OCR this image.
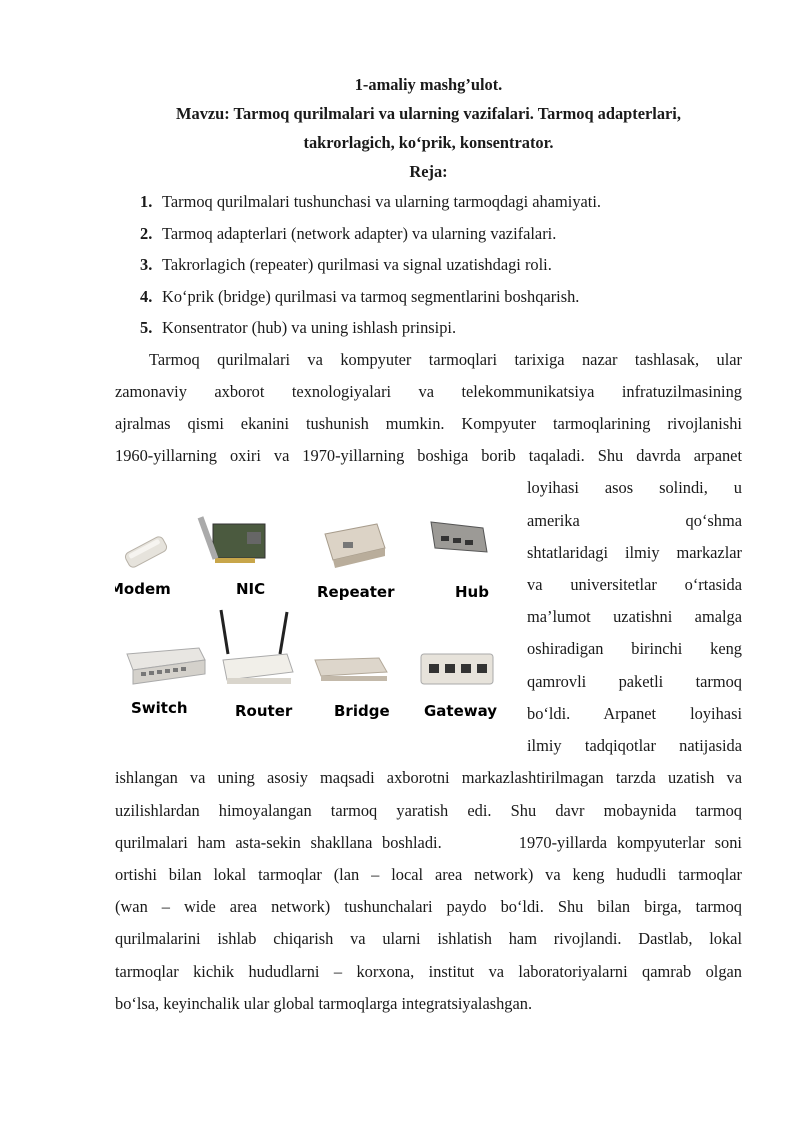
1-amaliy mashg’ulot.

Mavzu: Tarmoq qurilmalari va ularning vazifalari. Tarmoq adapterlari,

takrorlagich, ko‘prik, konsentrator.

Reja:

1. Tarmoq qurilmalari tushunchasi va ularning tarmoqdagi ahamiyati.
2. Tarmoq adapterlari (network adapter) va ularning vazifalari.
3. Takrorlagich (repeater) qurilmasi va signal uzatishdagi roli.
4. Ko‘prik (bridge) qurilmasi va tarmoq segmentlarini boshqarish.
5. Konsentrator (hub) va uning ishlash prinsipi.
Tarmoq qurilmalari va kompyuter tarmoqlari tarixiga nazar tashlasak, ular
zamonaviy axborot texnologiyalari va telekommunikatsiya infratuzilmasining
ajralmas qismi ekanini tushunish mumkin. Kompyuter tarmoqlarining rivojlanishi
1960-yillarning oxiri va 1970-yillarning boshiga borib taqaladi. Shu davrda arpanet
Modem	NIC	Repeater	Hub
Switch	Router	Bridge Gateway
loyihasi asos solindi, u
amerika qo‘shma
shtatlaridagi ilmiy markazlar
va universitetlar o‘rtasida
ma’lumot uzatishni amalga
oshiradigan birinchi keng
qamrovli paketli tarmoq
bo‘ldi. Arpanet loyihasi
ilmiy tadqiqotlar natijasida
ishlangan va uning asosiy maqsadi axborotni markazlashtirilmagan tarzda uzatish va
uzilishlardan himoyalangan tarmoq yaratish edi. Shu davr mobaynida tarmoq
qurilmalari ham asta-sekin shakllana boshladi.        1970-yillarda kompyuterlar soni
ortishi bilan lokal tarmoqlar (lan – local area network) va keng hududli tarmoqlar
(wan – wide area network) tushunchalari paydo bo‘ldi. Shu bilan birga, tarmoq
qurilmalarini ishlab chiqarish va ularni ishlatish ham rivojlandi. Dastlab, lokal
tarmoqlar kichik hududlarni – korxona, institut va laboratoriyalarni qamrab olgan
bo‘lsa, keyinchalik ular global tarmoqlarga integratsiyalashgan.
